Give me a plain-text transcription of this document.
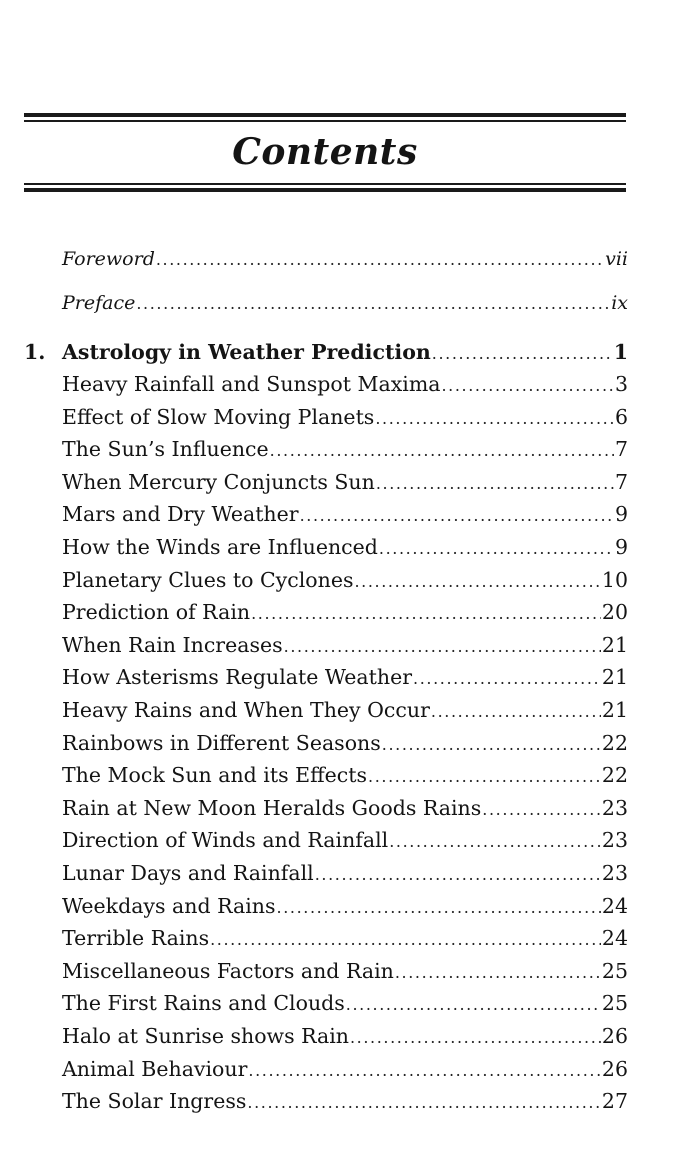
Contents
Foreword .....	vii
Preface .....	ix
1. Astrology in Weather Prediction .....	1
Heavy Rainfall and Sunspot Maxima .....	3
Effect of Slow Moving Planets .....	6
The Sun’s Influence .....	7
When Mercury Conjuncts Sun .....	7
Mars and Dry Weather .....	9
How the Winds are Influenced .....	9
Planetary Clues to Cyclones .....	10
Prediction of Rain .....	20
When Rain Increases .....	21
How Asterisms Regulate Weather .....	21
Heavy Rains and When They Occur .....	21
Rainbows in Different Seasons .....	22
The Mock Sun and its Effects .....	22
Rain at New Moon Heralds Goods Rains .....	23
Direction of Winds and Rainfall .....	23
Lunar Days and Rainfall .....	23
Weekdays and Rains .....	24
Terrible Rains .....	24
Miscellaneous Factors and Rain .....	25
The First Rains and Clouds .....	25
Halo at Sunrise shows Rain .....	26
Animal Behaviour .....	26
The Solar Ingress .....	27
